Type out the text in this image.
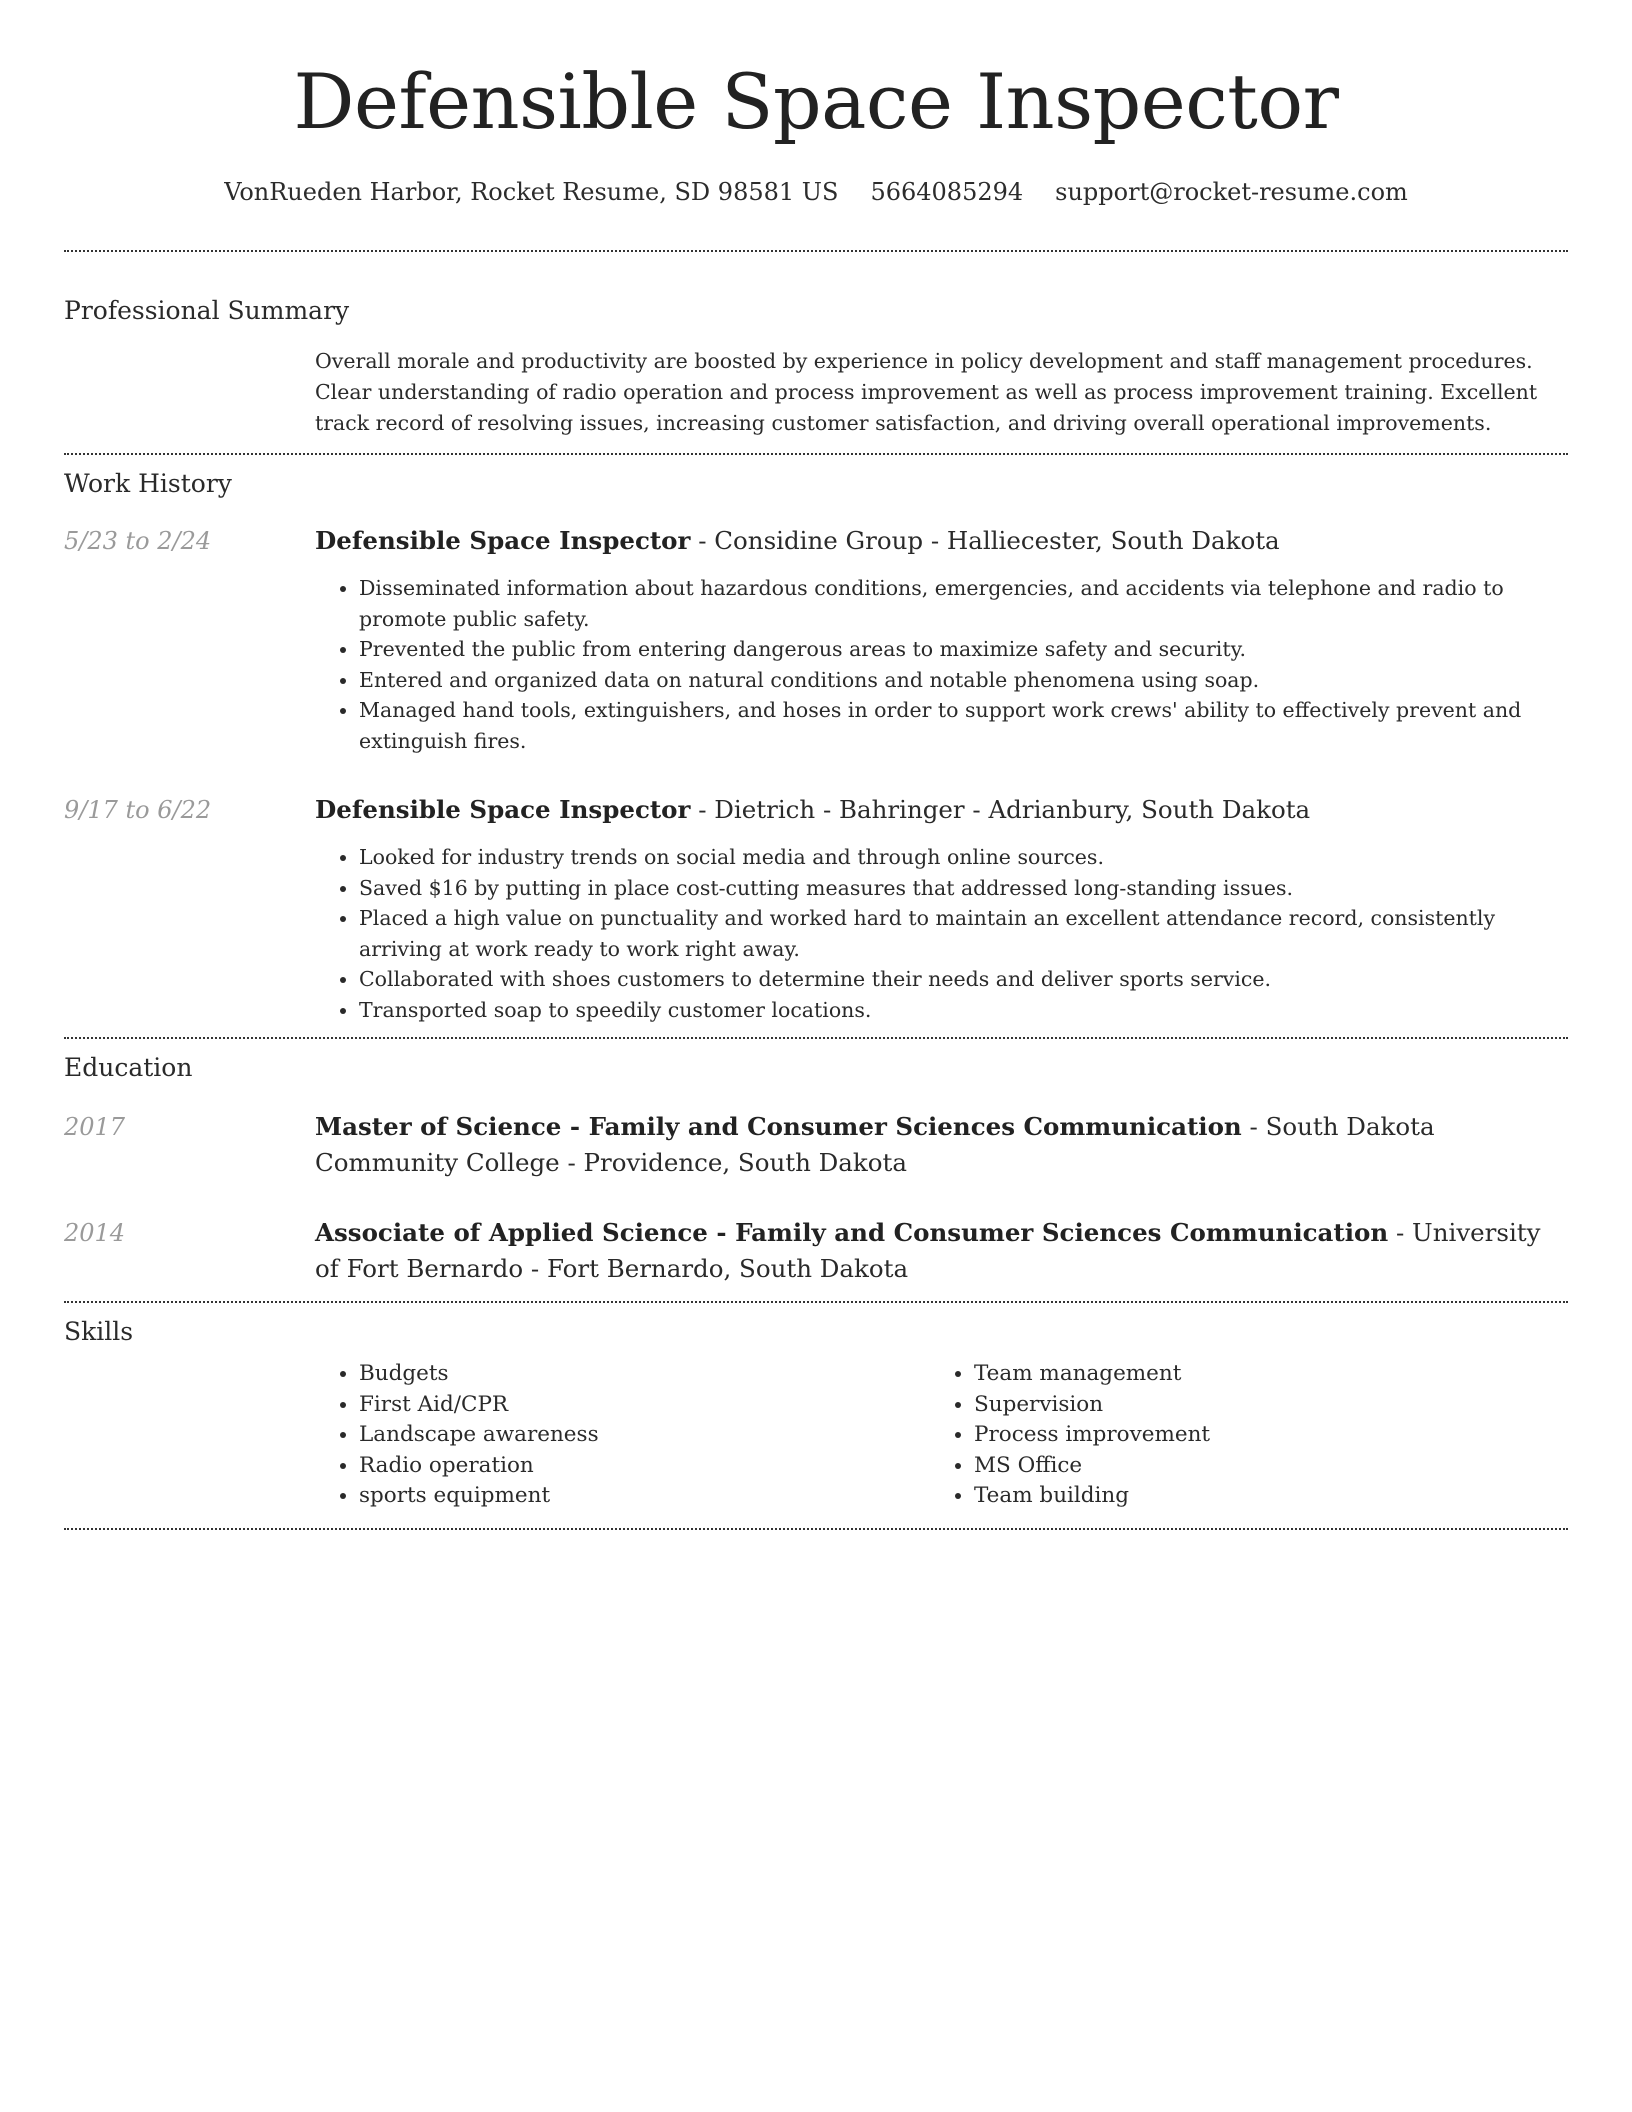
Defensible Space Inspector
VonRueden Harbor, Rocket Resume, SD 98581 US 5664085294 support@rocket-resume.com
Professional Summary
Overall morale and productivity are boosted by experience in policy development and staff management procedures. Clear understanding of radio operation and process improvement as well as process improvement training. Excellent track record of resolving issues, increasing customer satisfaction, and driving overall operational improvements.
Work History
5/23 to 2/24	Defensible Space Inspector - Considine Group - Halliecester, South Dakota
• Disseminated information about hazardous conditions, emergencies, and accidents via telephone and radio to promote public safety.
• Prevented the public from entering dangerous areas to maximize safety and security.
• Entered and organized data on natural conditions and notable phenomena using soap.
• Managed hand tools, extinguishers, and hoses in order to support work crews' ability to effectively prevent and extinguish fires.
9/17 to 6/22	Defensible Space Inspector - Dietrich - Bahringer - Adrianbury, South Dakota
• Looked for industry trends on social media and through online sources.
• Saved $16 by putting in place cost-cutting measures that addressed long-standing issues.
• Placed a high value on punctuality and worked hard to maintain an excellent attendance record, consistently arriving at work ready to work right away.
• Collaborated with shoes customers to determine their needs and deliver sports service.
• Transported soap to speedily customer locations.
Education
2017	Master of Science - Family and Consumer Sciences Communication - South Dakota Community College - Providence, South Dakota
2014	Associate of Applied Science - Family and Consumer Sciences Communication - University of Fort Bernardo - Fort Bernardo, South Dakota
Skills
• Budgets
• First Aid/CPR
• Landscape awareness
• Radio operation
• sports equipment
• Team management
• Supervision
• Process improvement
• MS Office
• Team building
